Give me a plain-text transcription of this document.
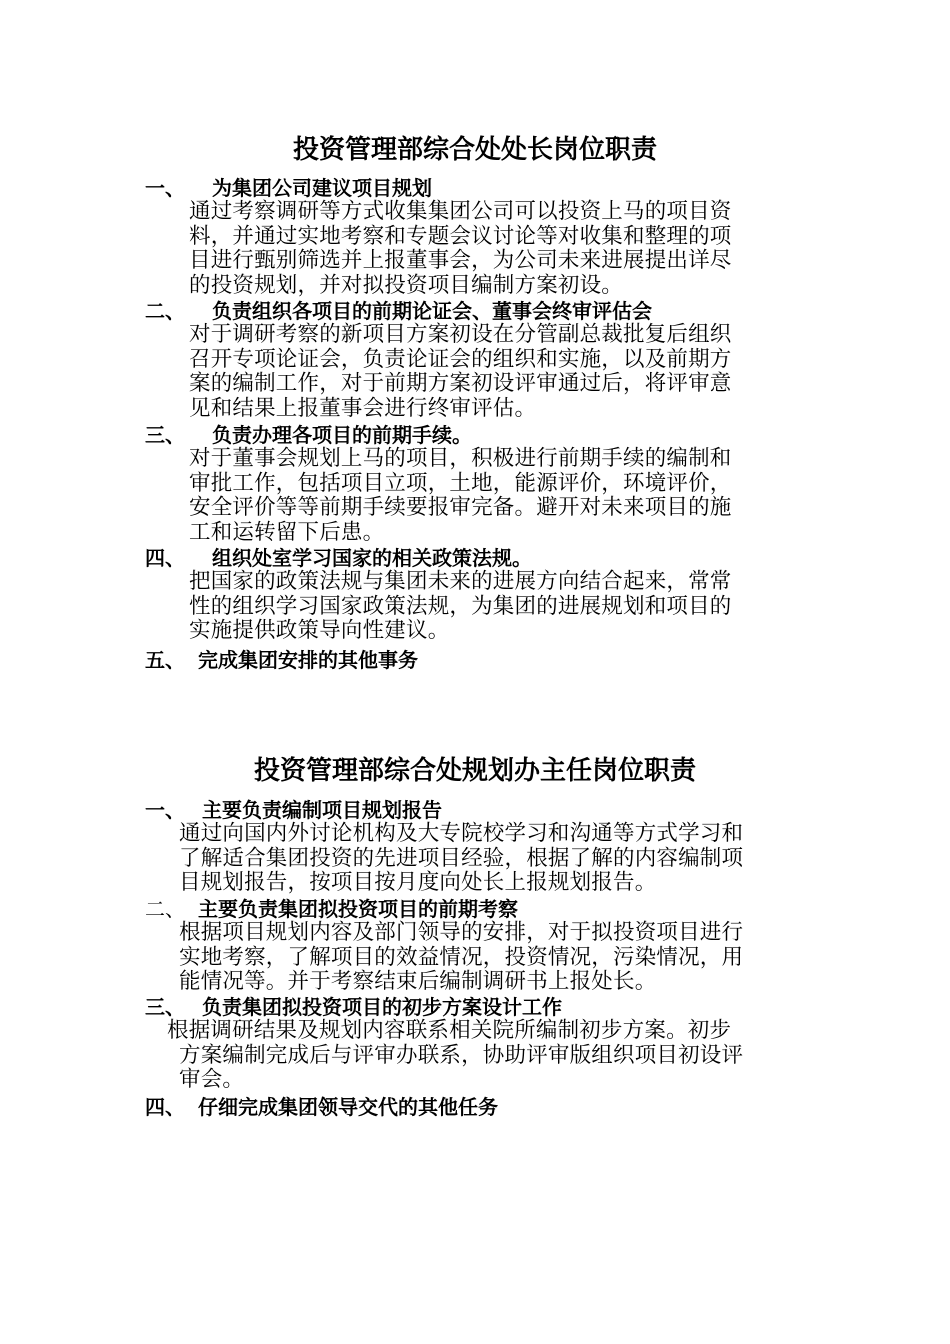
投资管理部综合处处长岗位职责
一、 为集团公司建议项目规划
通过考察调研等方式收集集团公司可以投资上马的项目资
料，并通过实地考察和专题会议讨论等对收集和整理的项
目进行甄别筛选并上报董事会，为公司未来进展提出详尽
的投资规划，并对拟投资项目编制方案初设。
二、 负责组织各项目的前期论证会、董事会终审评估会
对于调研考察的新项目方案初设在分管副总裁批复后组织
召开专项论证会，负责论证会的组织和实施，以及前期方
案的编制工作，对于前期方案初设评审通过后，将评审意
见和结果上报董事会进行终审评估。
三、 负责办理各项目的前期手续。
对于董事会规划上马的项目，积极进行前期手续的编制和
审批工作，包括项目立项，土地，能源评价，环境评价，
安全评价等等前期手续要报审完备。避开对未来项目的施
工和运转留下后患。
四、 组织处室学习国家的相关政策法规。
把国家的政策法规与集团未来的进展方向结合起来，常常
性的组织学习国家政策法规，为集团的进展规划和项目的
实施提供政策导向性建议。
五、 完成集团安排的其他事务
投资管理部综合处规划办主任岗位职责
一、 主要负责编制项目规划报告
通过向国内外讨论机构及大专院校学习和沟通等方式学习和
了解适合集团投资的先进项目经验，根据了解的内容编制项
目规划报告，按项目按月度向处长上报规划报告。
二、 主要负责集团拟投资项目的前期考察
根据项目规划内容及部门领导的安排，对于拟投资项目进行
实地考察，了解项目的效益情况，投资情况，污染情况，用
能情况等。并于考察结束后编制调研书上报处长。
三、 负责集团拟投资项目的初步方案设计工作
根据调研结果及规划内容联系相关院所编制初步方案。初步
方案编制完成后与评审办联系，协助评审版组织项目初设评
审会。
四、 仔细完成集团领导交代的其他任务
